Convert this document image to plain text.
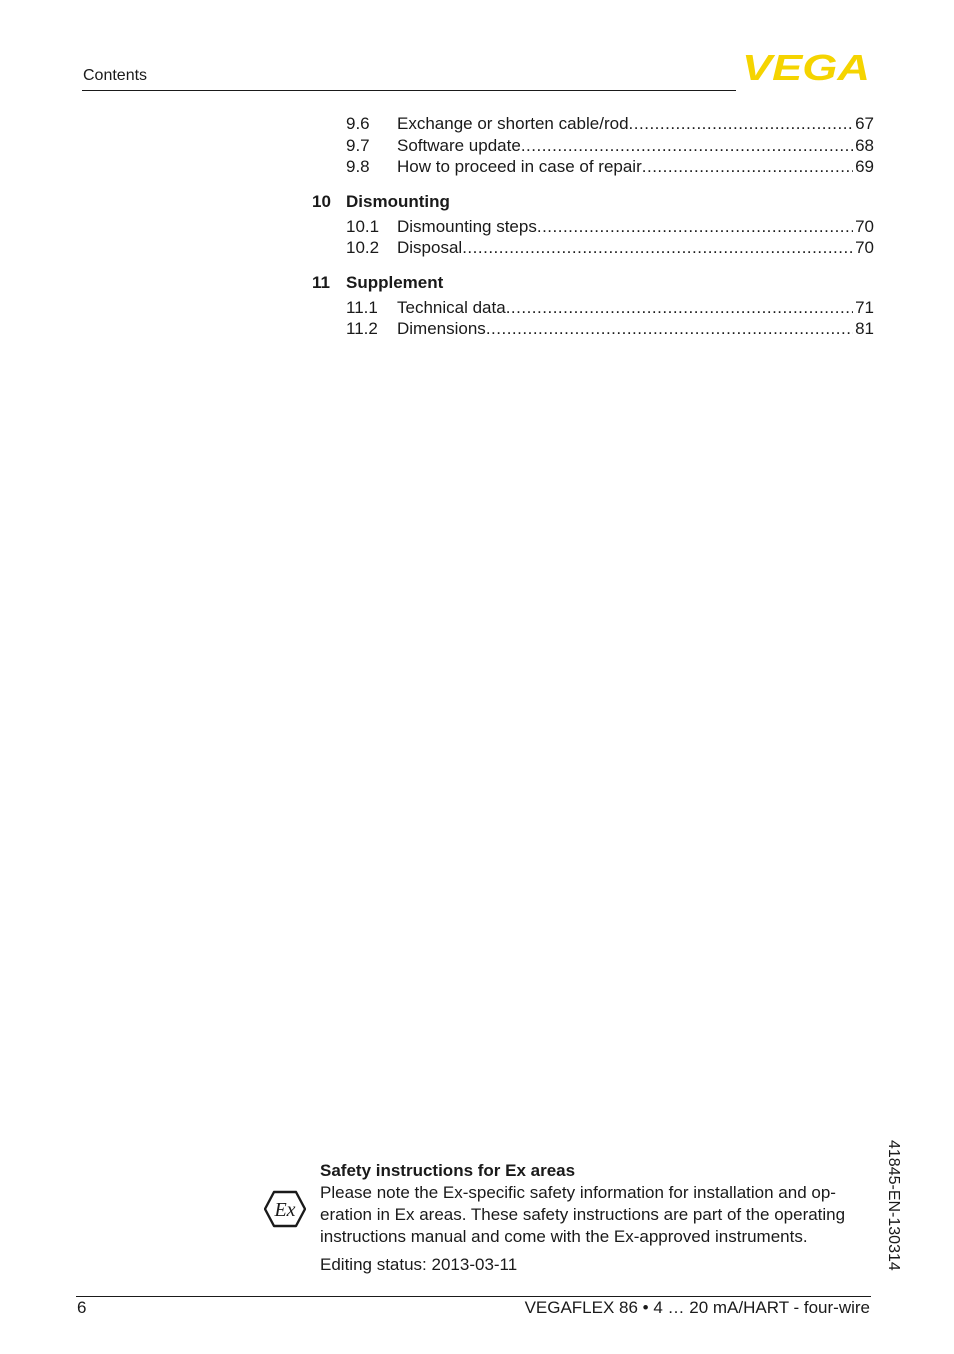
Contents	VEGA
9.6	Exchange or shorten cable/rod .....	67
9.7	Software update .....	68
9.8	How to proceed in case of repair .....	69
10 Dismounting
10.1	Dismounting steps .....	70
10.2	Disposal .....	70
11 Supplement
11.1	Technical data .....	71
11.2	Dimensions .....	81
Ex
Safety instructions for Ex areas
Please note the Ex-specific safety information for installation and op-
eration in Ex areas. These safety instructions are part of the operating
instructions manual and come with the Ex-approved instruments.
Editing status: 2013-03-11	41845-EN-130314
6	VEGAFLEX 86 • 4 … 20 mA/HART - four-wire
